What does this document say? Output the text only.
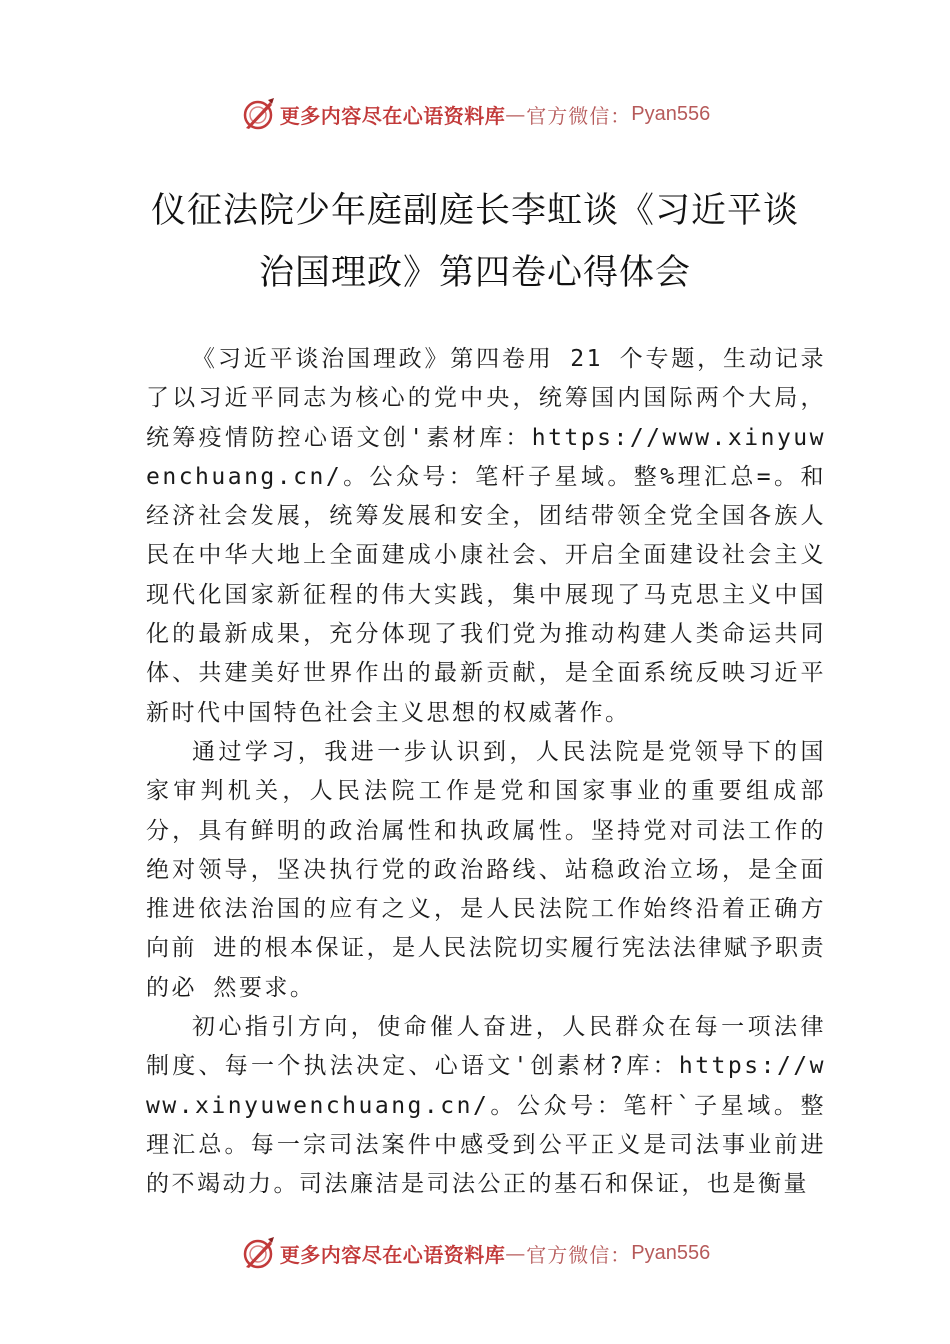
更多内容尽在心语资料库 — 官方微信： Pyan556
仪征法院少年庭副庭长李虹谈《习近平谈
治国理政》第四卷心得体会

《习近平谈治国理政》第四卷用 21 个专题，生动记录了以习近平同志为核心的党中央，统筹国内国际两个大局，统筹疫情防控心语文创'素材库：https://www.xinyuwenchuang.cn/。公众号：笔杆子星域。整%理汇总=。和经济社会发展，统筹发展和安全，团结带领全党全国各族人民在中华大地上全面建成小康社会、开启全面建设社会主义现代化国家新征程的伟大实践，集中展现了马克思主义中国化的最新成果，充分体现了我们党为推动构建人类命运共同体、共建美好世界作出的最新贡献，是全面系统反映习近平新时代中国特色社会主义思想的权威著作。

通过学习，我进一步认识到，人民法院是党领导下的国家审判机关，人民法院工作是党和国家事业的重要组成部分，具有鲜明的政治属性和执政属性。坚持党对司法工作的绝对领导，坚决执行党的政治路线、站稳政治立场，是全面推进依法治国的应有之义，是人民法院工作始终沿着正确方向前 进的根本保证，是人民法院切实履行宪法法律赋予职责的必 然要求。

初心指引方向，使命催人奋进，人民群众在每一项法律制度、每一个执法决定、心语文'创素材?库：https://www.xinyuwenchuang.cn/。公众号：笔杆`子星域。整理汇总。每一宗司法案件中感受到公平正义是司法事业前进的不竭动力。司法廉洁是司法公正的基石和保证，也是衡量

更多内容尽在心语资料库 — 官方微信： Pyan556
